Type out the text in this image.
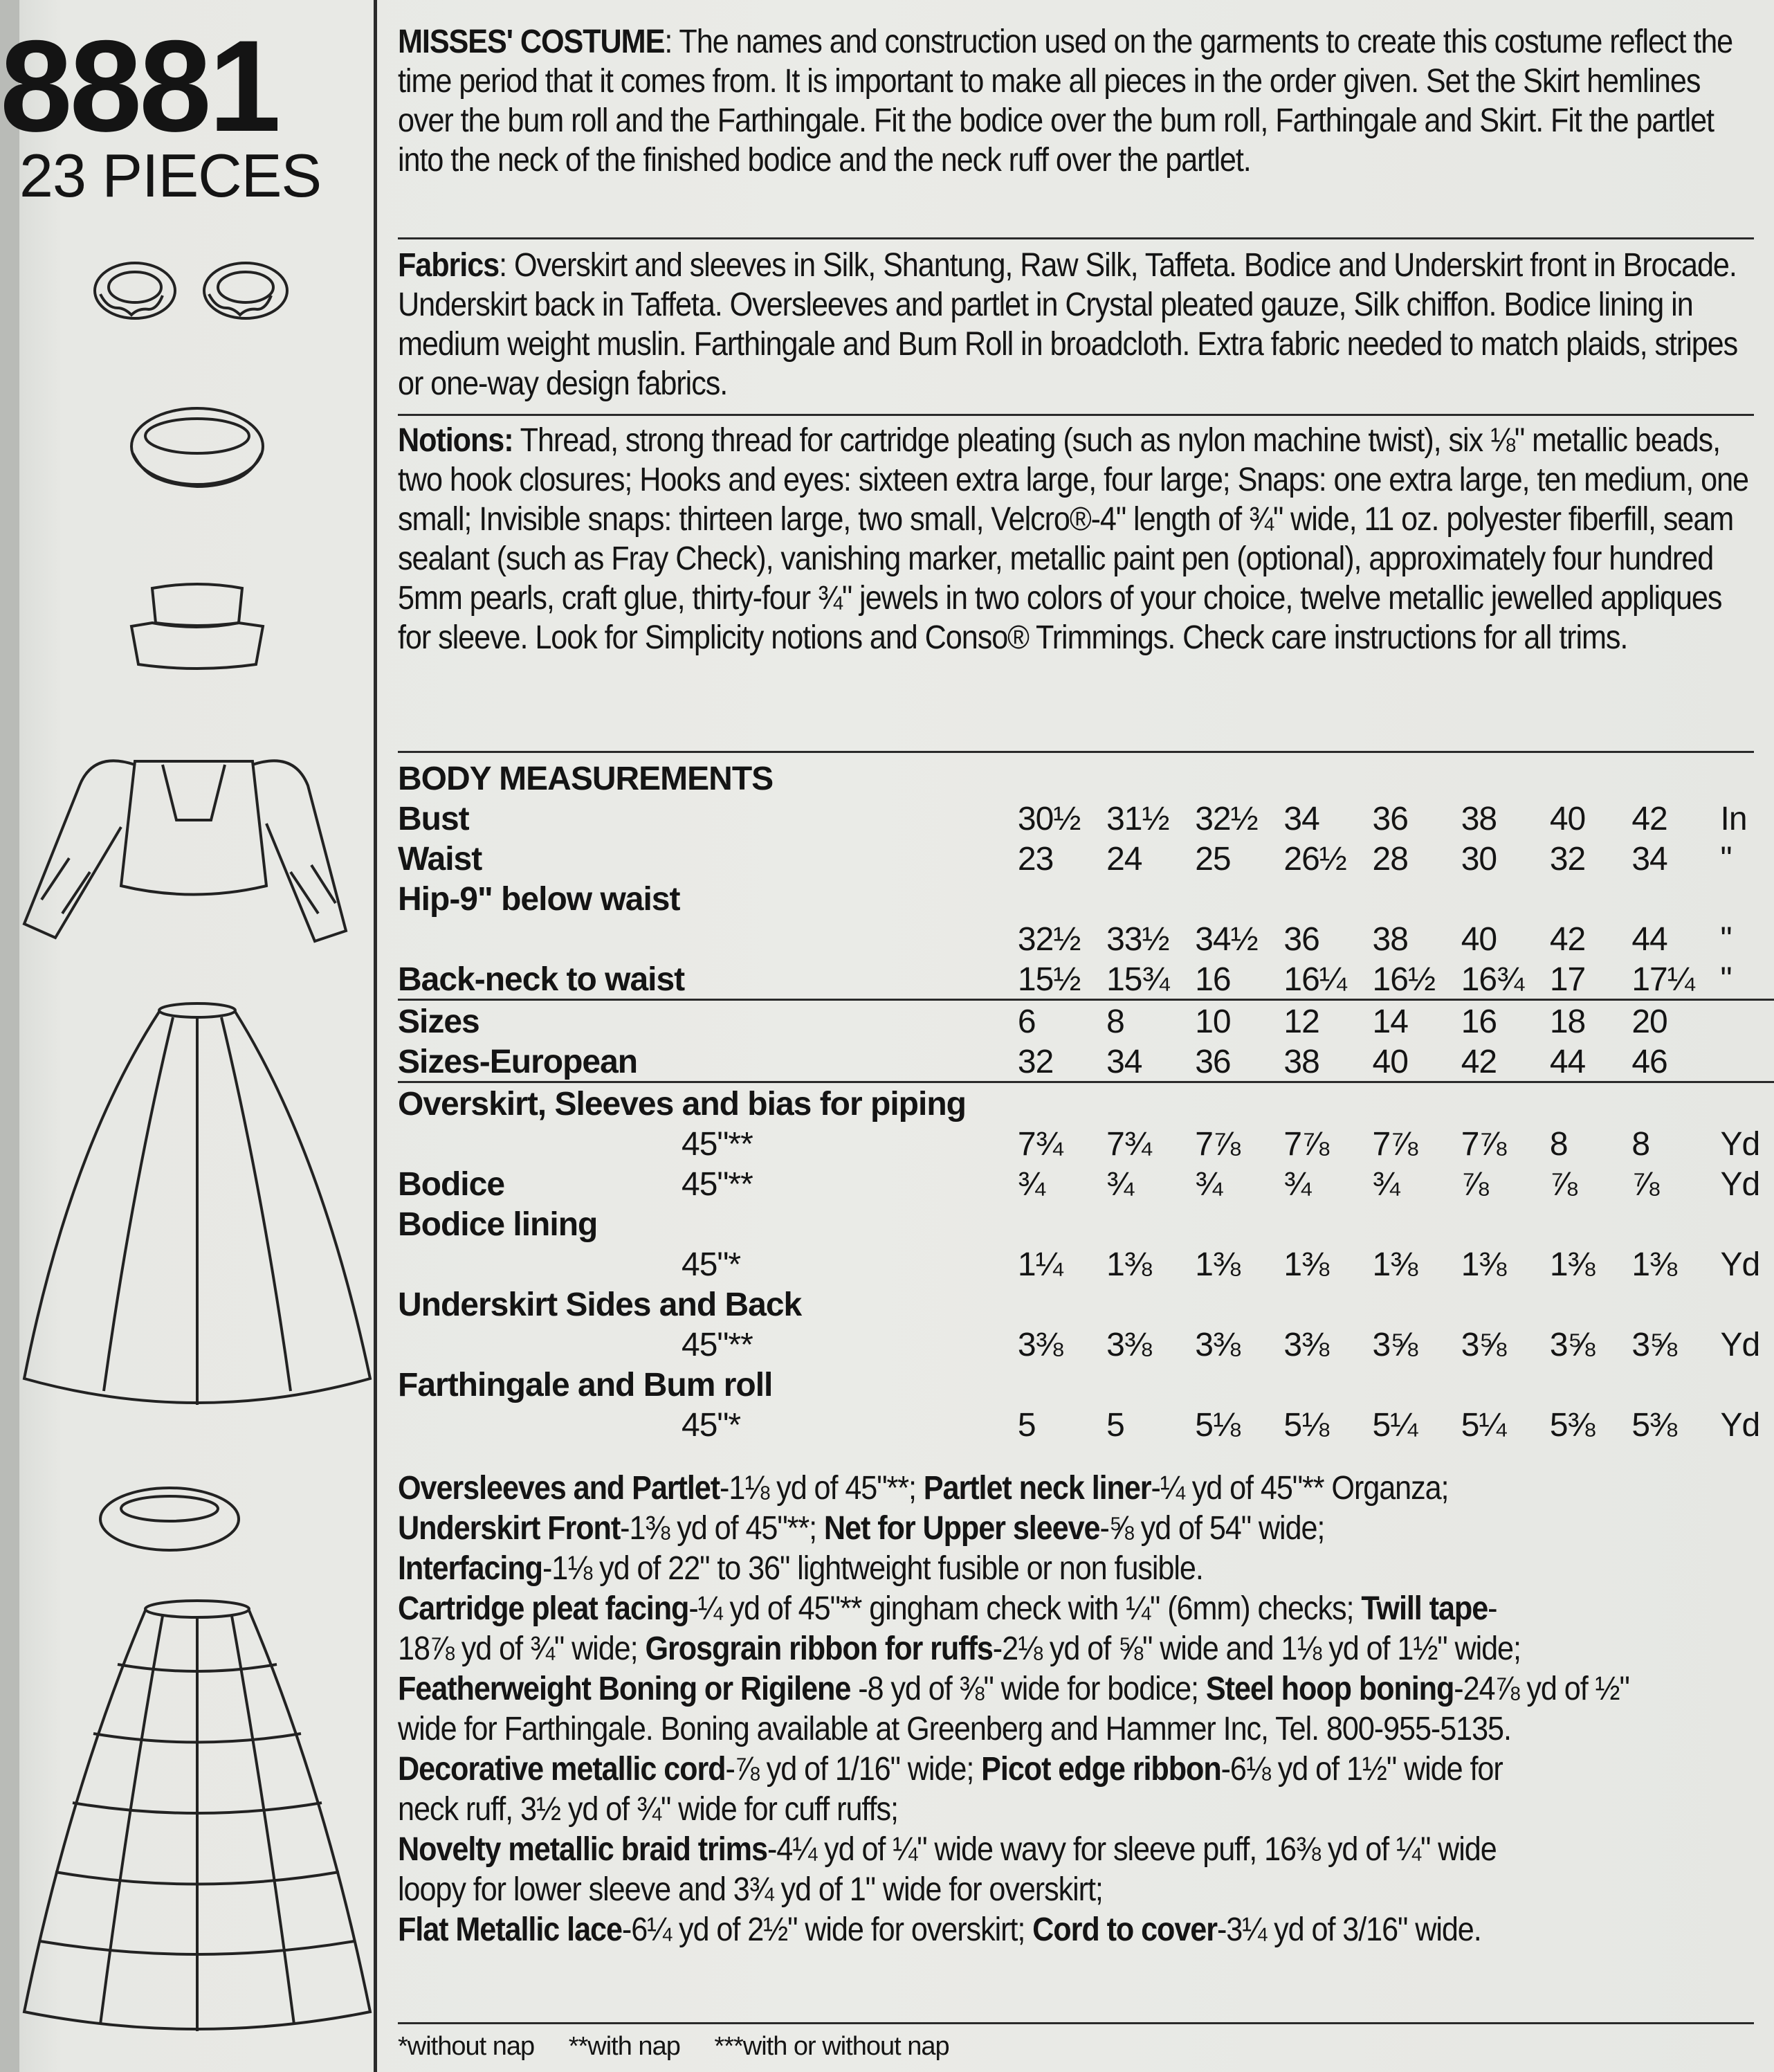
8881
23 PIECES
MISSES' COSTUME: The names and construction used on the garments to create this costume reflect the time period that it comes from. It is important to make all pieces in the order given. Set the Skirt hemlines over the bum roll and the Farthingale. Fit the bodice over the bum roll, Farthingale and Skirt. Fit the partlet into the neck of the finished bodice and the neck ruff over the partlet.
Fabrics: Overskirt and sleeves in Silk, Shantung, Raw Silk, Taffeta. Bodice and Underskirt front in Brocade. Underskirt back in Taffeta. Oversleeves and partlet in Crystal pleated gauze, Silk chiffon. Bodice lining in medium weight muslin. Farthingale and Bum Roll in broadcloth. Extra fabric needed to match plaids, stripes or one-way design fabrics.
Notions: Thread, strong thread for cartridge pleating (such as nylon machine twist), six ⅛" metallic beads, two hook closures; Hooks and eyes: sixteen extra large, four large; Snaps: one extra large, ten medium, one small; Invisible snaps: thirteen large, two small, Velcro®-4" length of ¾" wide, 11 oz. polyester fiberfill, seam sealant (such as Fray Check), vanishing marker, metallic paint pen (optional), approximately four hundred 5mm pearls, craft glue, thirty-four ¾" jewels in two colors of your choice, twelve metallic jewelled appliques for sleeve. Look for Simplicity notions and Conso® Trimmings. Check care instructions for all trims.
BODY MEASUREMENTS									
Bust	30½	31½	32½	34	36	38	40	42	In
Waist	23	24	25	26½	28	30	32	34	"
Hip-9" below waist									
	32½	33½	34½	36	38	40	42	44	"
Back-neck to waist	15½	15¾	16	16¼	16½	16¾	17	17¼	"
Sizes	6	8	10	12	14	16	18	20	
Sizes-European	32	34	36	38	40	42	44	46	
Overskirt, Sleeves and bias for piping									
45"**	7¾	7¾	7⅞	7⅞	7⅞	7⅞	8	8	Yd
Bodice 45"**	¾	¾	¾	¾	¾	⅞	⅞	⅞	Yd
Bodice lining									
45"*	1¼	1⅜	1⅜	1⅜	1⅜	1⅜	1⅜	1⅜	Yd
Underskirt Sides and Back									
45"**	3⅜	3⅜	3⅜	3⅜	3⅝	3⅝	3⅝	3⅝	Yd
Farthingale and Bum roll									
45"*	5	5	5⅛	5⅛	5¼	5¼	5⅜	5⅜	Yd
Oversleeves and Partlet-1⅛ yd of 45"**; Partlet neck liner-¼ yd of 45"** Organza;
Underskirt Front-1⅜ yd of 45"**; Net for Upper sleeve-⅝ yd of 54" wide;
Interfacing-1⅛ yd of 22" to 36" lightweight fusible or non fusible.
Cartridge pleat facing-¼ yd of 45"** gingham check with ¼" (6mm) checks; Twill tape-
18⅞ yd of ¾" wide; Grosgrain ribbon for ruffs-2⅛ yd of ⅝" wide and 1⅛ yd of 1½" wide;
Featherweight Boning or Rigilene -8 yd of ⅜" wide for bodice; Steel hoop boning-24⅞ yd of ½"
wide for Farthingale. Boning available at Greenberg and Hammer Inc, Tel. 800-955-5135.
Decorative metallic cord-⅞ yd of 1/16" wide; Picot edge ribbon-6⅛ yd of 1½" wide for
neck ruff, 3½ yd of ¾" wide for cuff ruffs;
Novelty metallic braid trims-4¼ yd of ¼" wide wavy for sleeve puff, 16⅜ yd of ¼" wide
loopy for lower sleeve and 3¾ yd of 1" wide for overskirt;
Flat Metallic lace-6¼ yd of 2½" wide for overskirt; Cord to cover-3¼ yd of 3/16" wide.
*without nap **with nap ***with or without nap
